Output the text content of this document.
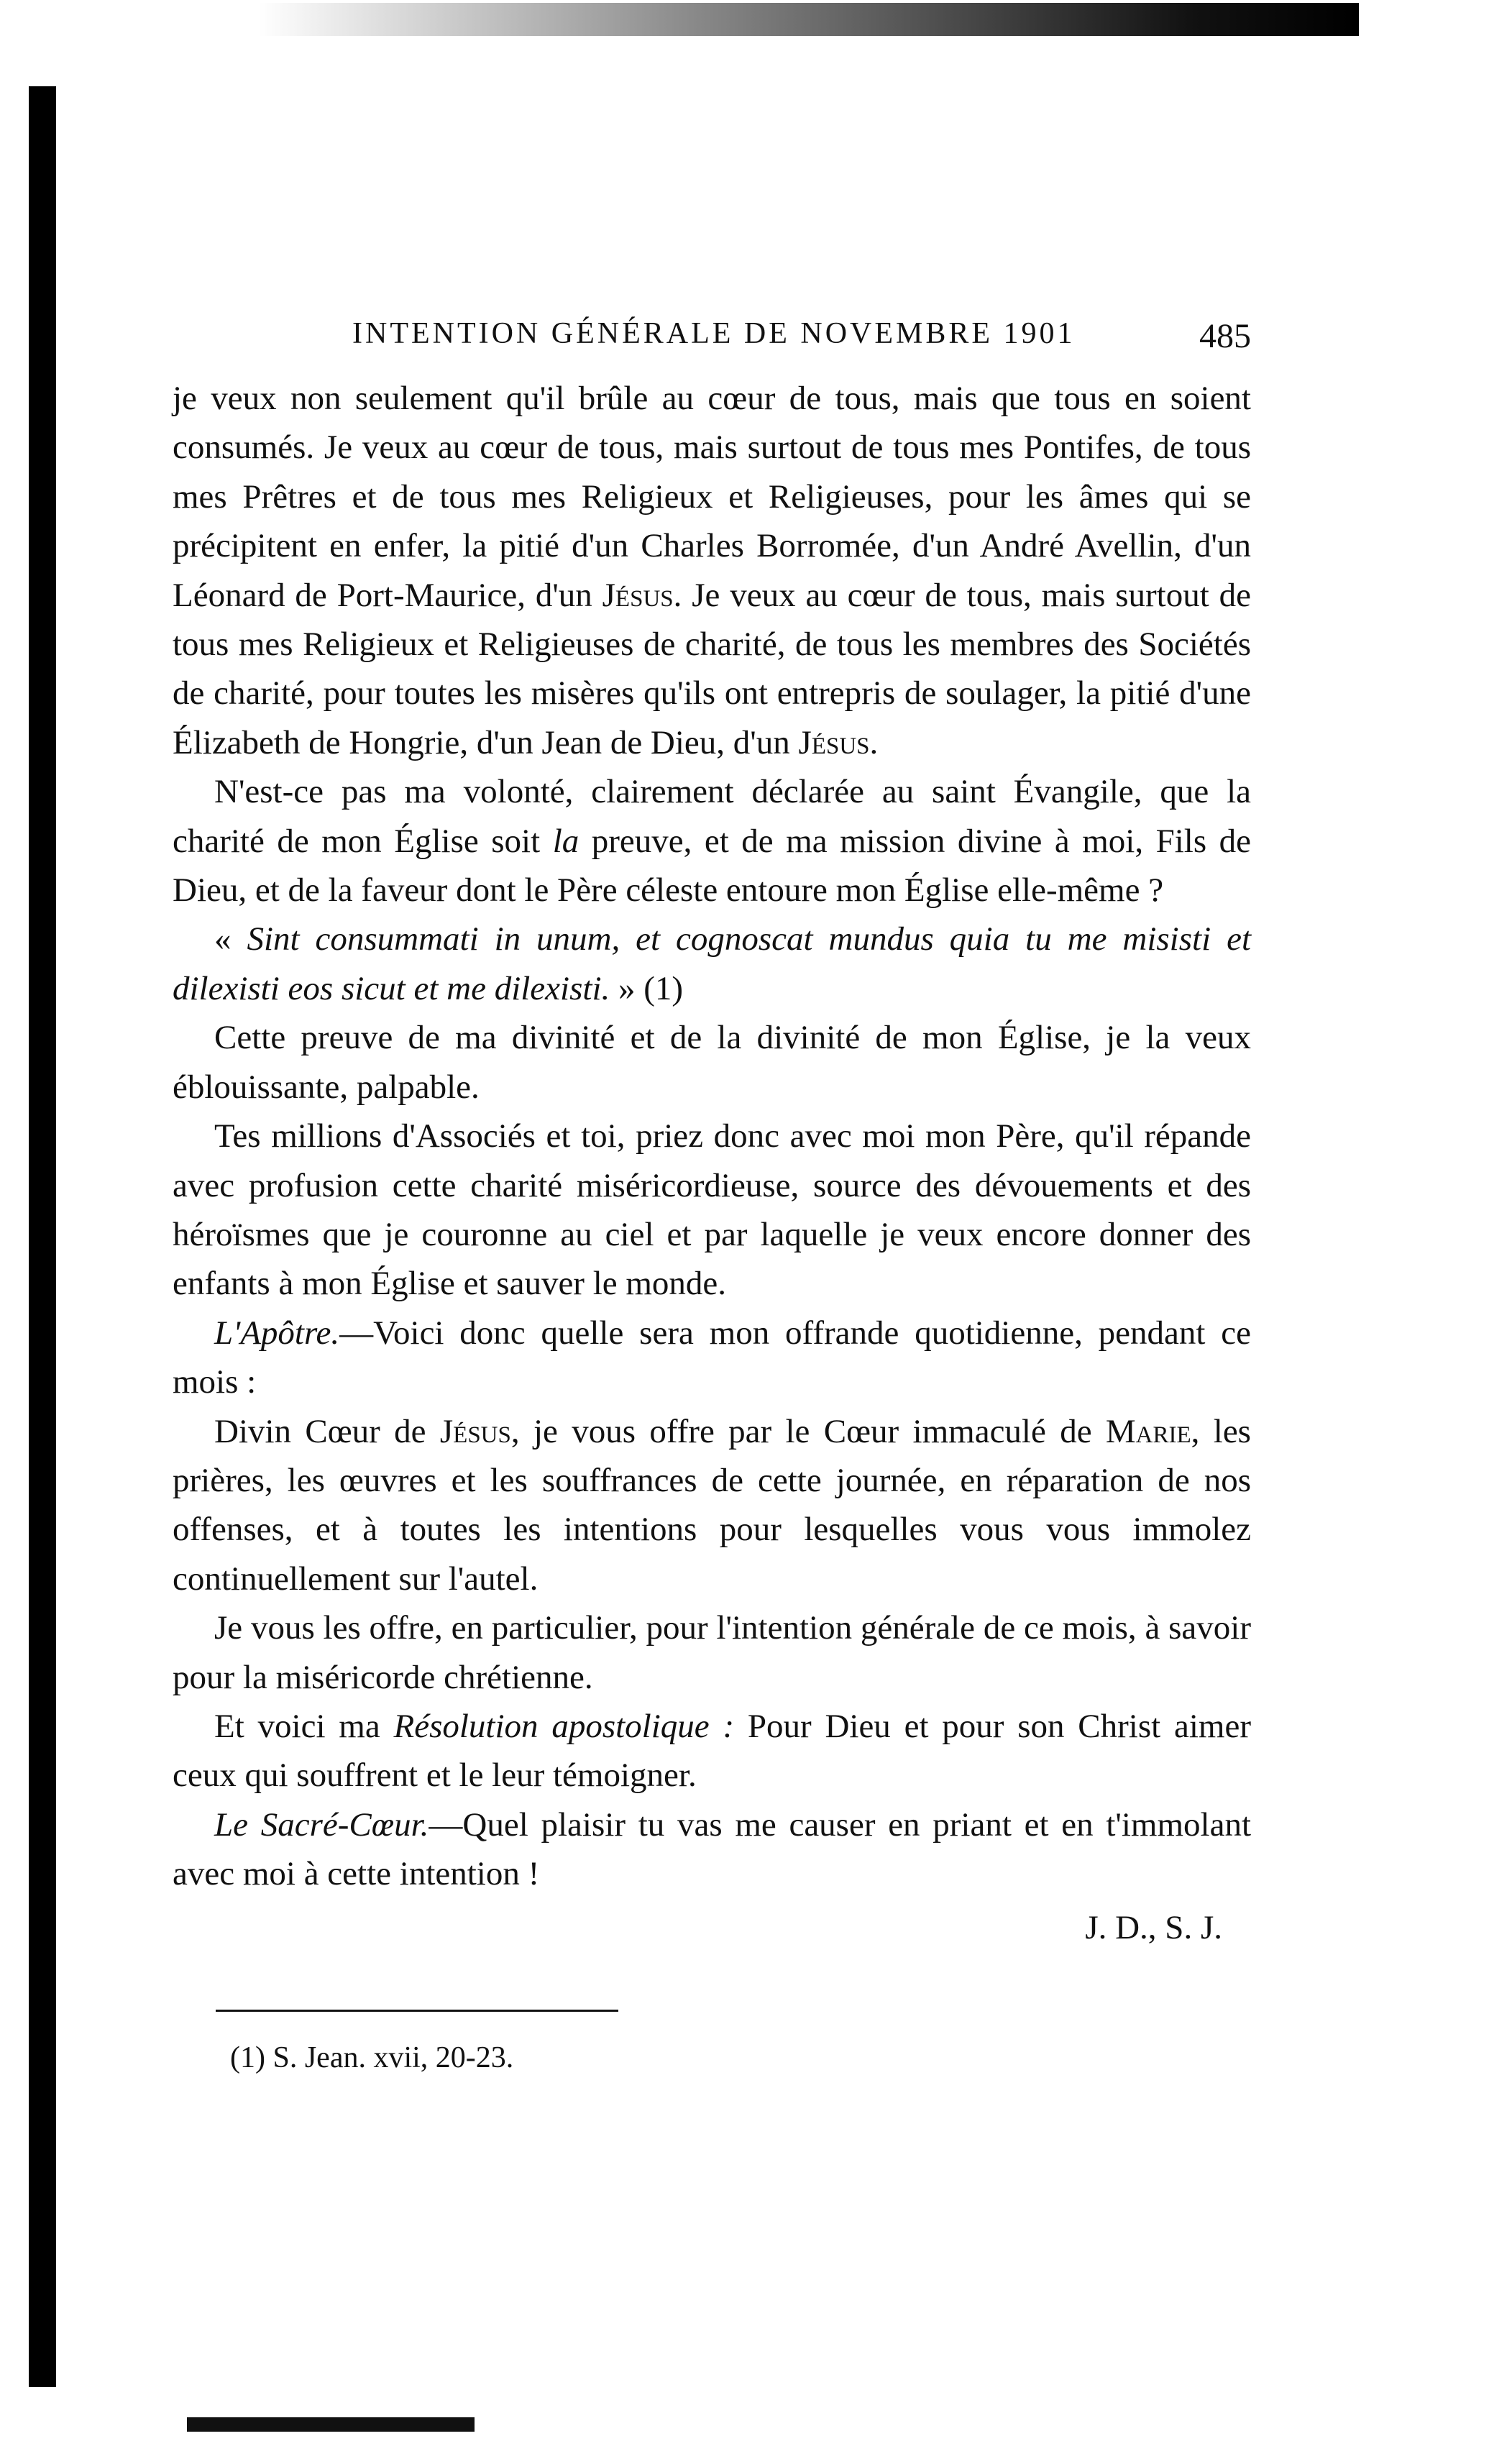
INTENTION GÉNÉRALE DE NOVEMBRE 1901	485

je veux non seulement qu'il brûle au cœur de tous, mais que tous en soient consumés. Je veux au cœur de tous, mais surtout de tous mes Pontifes, de tous mes Prêtres et de tous mes Religieux et Religieuses, pour les âmes qui se précipitent en enfer, la pitié d'un Charles Borromée, d'un André Avellin, d'un Léonard de Port-Maurice, d'un Jésus. Je veux au cœur de tous, mais surtout de tous mes Religieux et Religieuses de charité, de tous les membres des Sociétés de charité, pour toutes les misères qu'ils ont entrepris de soulager, la pitié d'une Élizabeth de Hongrie, d'un Jean de Dieu, d'un Jésus.

N'est-ce pas ma volonté, clairement déclarée au saint Évangile, que la charité de mon Église soit la preuve, et de ma mission divine à moi, Fils de Dieu, et de la faveur dont le Père céleste entoure mon Église elle-même ?

« Sint consummati in unum, et cognoscat mundus quia tu me misisti et dilexisti eos sicut et me dilexisti. » (1)

Cette preuve de ma divinité et de la divinité de mon Église, je la veux éblouissante, palpable.

Tes millions d'Associés et toi, priez donc avec moi mon Père, qu'il répande avec profusion cette charité miséricordieuse, source des dévouements et des héroïsmes que je couronne au ciel et par laquelle je veux encore donner des enfants à mon Église et sauver le monde.

L'Apôtre.—Voici donc quelle sera mon offrande quotidienne, pendant ce mois :

Divin Cœur de Jésus, je vous offre par le Cœur immaculé de Marie, les prières, les œuvres et les souffrances de cette journée, en réparation de nos offenses, et à toutes les intentions pour lesquelles vous vous immolez continuellement sur l'autel.

Je vous les offre, en particulier, pour l'intention générale de ce mois, à savoir pour la miséricorde chrétienne.

Et voici ma Résolution apostolique : Pour Dieu et pour son Christ aimer ceux qui souffrent et le leur témoigner.

Le Sacré-Cœur.—Quel plaisir tu vas me causer en priant et en t'immolant avec moi à cette intention !

J. D., S. J.
(1) S. Jean. xvii, 20-23.
